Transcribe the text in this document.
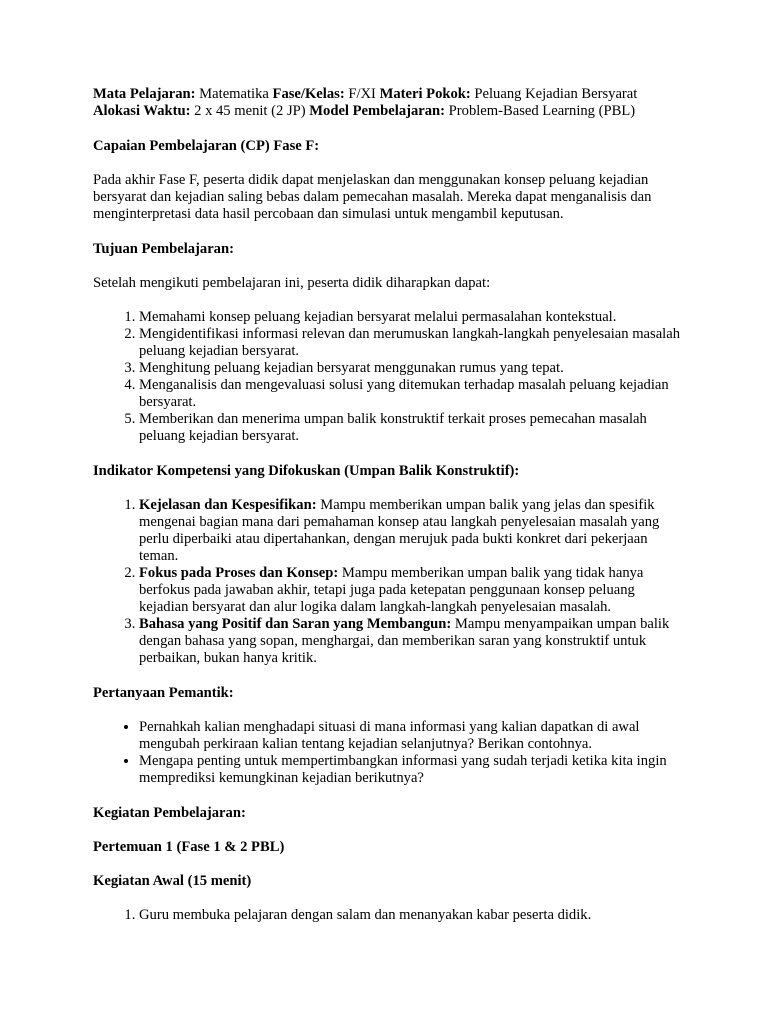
Mata Pelajaran: Matematika Fase/Kelas: F/XI Materi Pokok: Peluang Kejadian Bersyarat

Alokasi Waktu: 2 x 45 menit (2 JP) Model Pembelajaran: Problem-Based Learning (PBL)

Capaian Pembelajaran (CP) Fase F:

Pada akhir Fase F, peserta didik dapat menjelaskan dan menggunakan konsep peluang kejadian bersyarat dan kejadian saling bebas dalam pemecahan masalah. Mereka dapat menganalisis dan menginterpretasi data hasil percobaan dan simulasi untuk mengambil keputusan.

Tujuan Pembelajaran:

Setelah mengikuti pembelajaran ini, peserta didik diharapkan dapat:

1. Memahami konsep peluang kejadian bersyarat melalui permasalahan kontekstual.
2. Mengidentifikasi informasi relevan dan merumuskan langkah-langkah penyelesaian masalah peluang kejadian bersyarat.
3. Menghitung peluang kejadian bersyarat menggunakan rumus yang tepat.
4. Menganalisis dan mengevaluasi solusi yang ditemukan terhadap masalah peluang kejadian bersyarat.
5. Memberikan dan menerima umpan balik konstruktif terkait proses pemecahan masalah peluang kejadian bersyarat.

Indikator Kompetensi yang Difokuskan (Umpan Balik Konstruktif):

1. Kejelasan dan Kespesifikan: Mampu memberikan umpan balik yang jelas dan spesifik mengenai bagian mana dari pemahaman konsep atau langkah penyelesaian masalah yang perlu diperbaiki atau dipertahankan, dengan merujuk pada bukti konkret dari pekerjaan teman.
2. Fokus pada Proses dan Konsep: Mampu memberikan umpan balik yang tidak hanya berfokus pada jawaban akhir, tetapi juga pada ketepatan penggunaan konsep peluang kejadian bersyarat dan alur logika dalam langkah-langkah penyelesaian masalah.
3. Bahasa yang Positif dan Saran yang Membangun: Mampu menyampaikan umpan balik dengan bahasa yang sopan, menghargai, dan memberikan saran yang konstruktif untuk perbaikan, bukan hanya kritik.

Pertanyaan Pemantik:

• Pernahkah kalian menghadapi situasi di mana informasi yang kalian dapatkan di awal mengubah perkiraan kalian tentang kejadian selanjutnya? Berikan contohnya.
• Mengapa penting untuk mempertimbangkan informasi yang sudah terjadi ketika kita ingin memprediksi kemungkinan kejadian berikutnya?

Kegiatan Pembelajaran:

Pertemuan 1 (Fase 1 & 2 PBL)

Kegiatan Awal (15 menit)

1. Guru membuka pelajaran dengan salam dan menanyakan kabar peserta didik.
